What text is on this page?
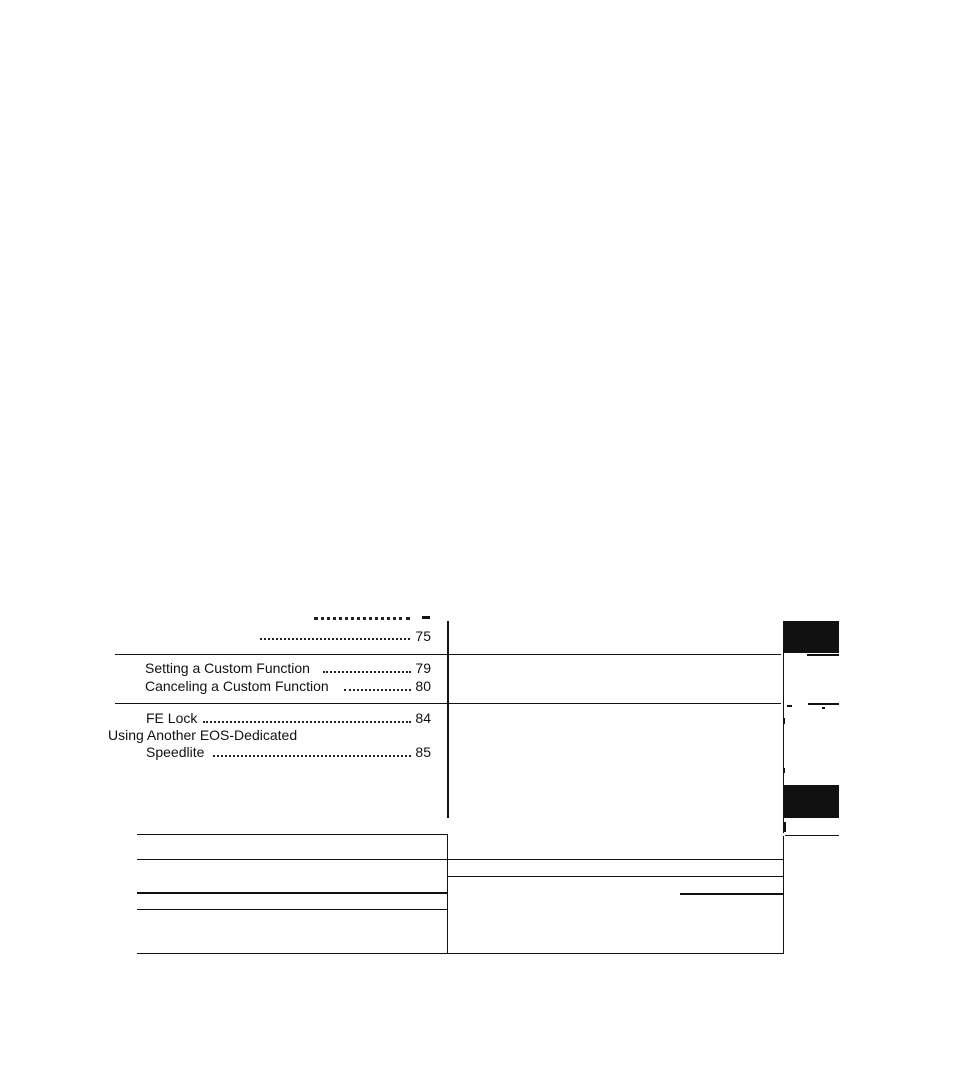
75
Setting a Custom Function	79
Canceling a Custom Function	80
FE Lock	84
Using Another EOS-Dedicated
Speedlite	85
